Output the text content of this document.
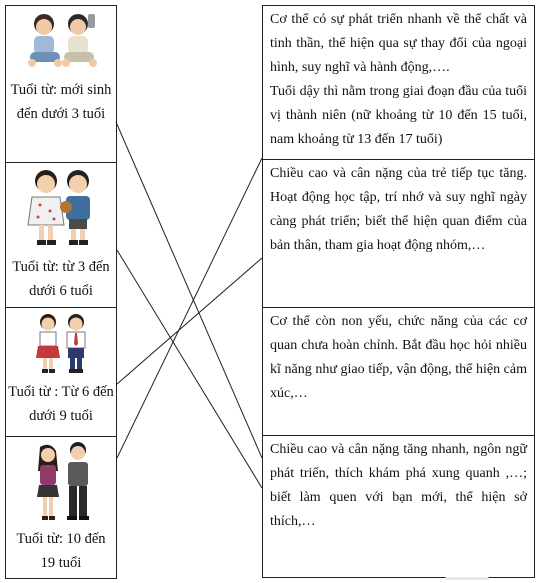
Tuổi từ: mới sinh đến dưới 3 tuổi
Tuổi từ: từ 3 đến dưới 6 tuổi
Tuổi từ : Từ 6 đến dưới 9 tuổi
Tuổi từ: 10 đến 19 tuổi

Cơ thể có sự phát triển nhanh về thể chất và tinh thần, thể hiện qua sự thay đổi của ngoại hình, suy nghĩ và hành động,….

Tuổi dậy thì nằm trong giai đoạn đầu của tuổi vị thành niên (nữ khoảng từ 10 đến 15 tuổi, nam khoảng từ 13 đến 17 tuổi)

Chiều cao và cân nặng của trẻ tiếp tục tăng. Hoạt động học tập, trí nhớ và suy nghĩ ngày càng phát triển; biết thể hiện quan điểm của bản thân, tham gia hoạt động nhóm,…

Cơ thể còn non yếu, chức năng của các cơ quan chưa hoàn chỉnh. Bắt đầu học hỏi nhiều kĩ năng như giao tiếp, vận động, thể hiện cảm xúc,…

Chiều cao và cân nặng tăng nhanh, ngôn ngữ phát triển, thích khám phá xung quanh ,…; biết làm quen với bạn mới, thể hiện sở thích,…
